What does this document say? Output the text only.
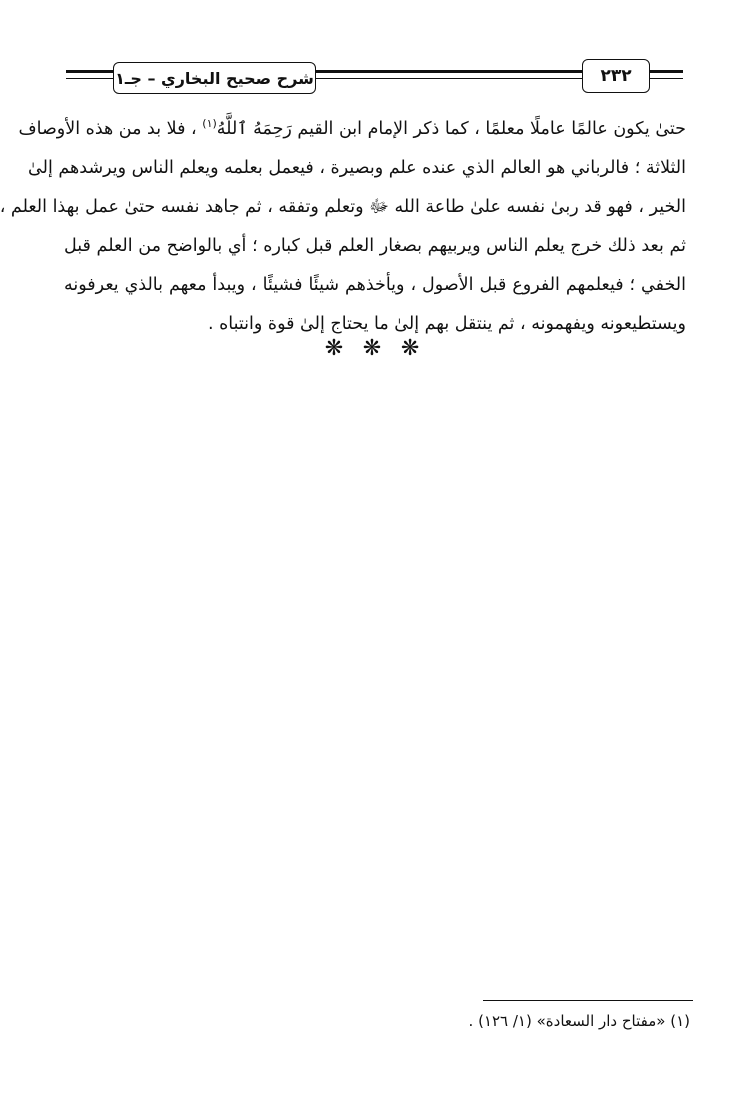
شرح صحيح البخاري – جـ١	٢٣٢
حتىٰ يكون عالمًا عاملًا معلمًا ، كما ذكر الإمام ابن القيم رَحِمَهُ ٱللَّهُ$^{(١)}$ ، فلا بد من هذه الأوصاف
الثلاثة ؛ فالرباني هو العالم الذي عنده علم وبصيرة ، فيعمل بعلمه ويعلم الناس ويرشدهم إلىٰ
الخير ، فهو قد ربىٰ نفسه علىٰ طاعة الله ﷻ وتعلم وتفقه ، ثم جاهد نفسه حتىٰ عمل بهذا العلم ،
ثم بعد ذلك خرج يعلم الناس ويربيهم بصغار العلم قبل كباره ؛ أي بالواضح من العلم قبل
الخفي ؛ فيعلمهم الفروع قبل الأصول ، ويأخذهم شيئًا فشيئًا ، ويبدأ معهم بالذي يعرفونه
ويستطيعونه ويفهمونه ، ثم ينتقل بهم إلىٰ ما يحتاج إلىٰ قوة وانتباه .
❋ ❋ ❋
(١) «مفتاح دار السعادة» (١/ ١٢٦) .
